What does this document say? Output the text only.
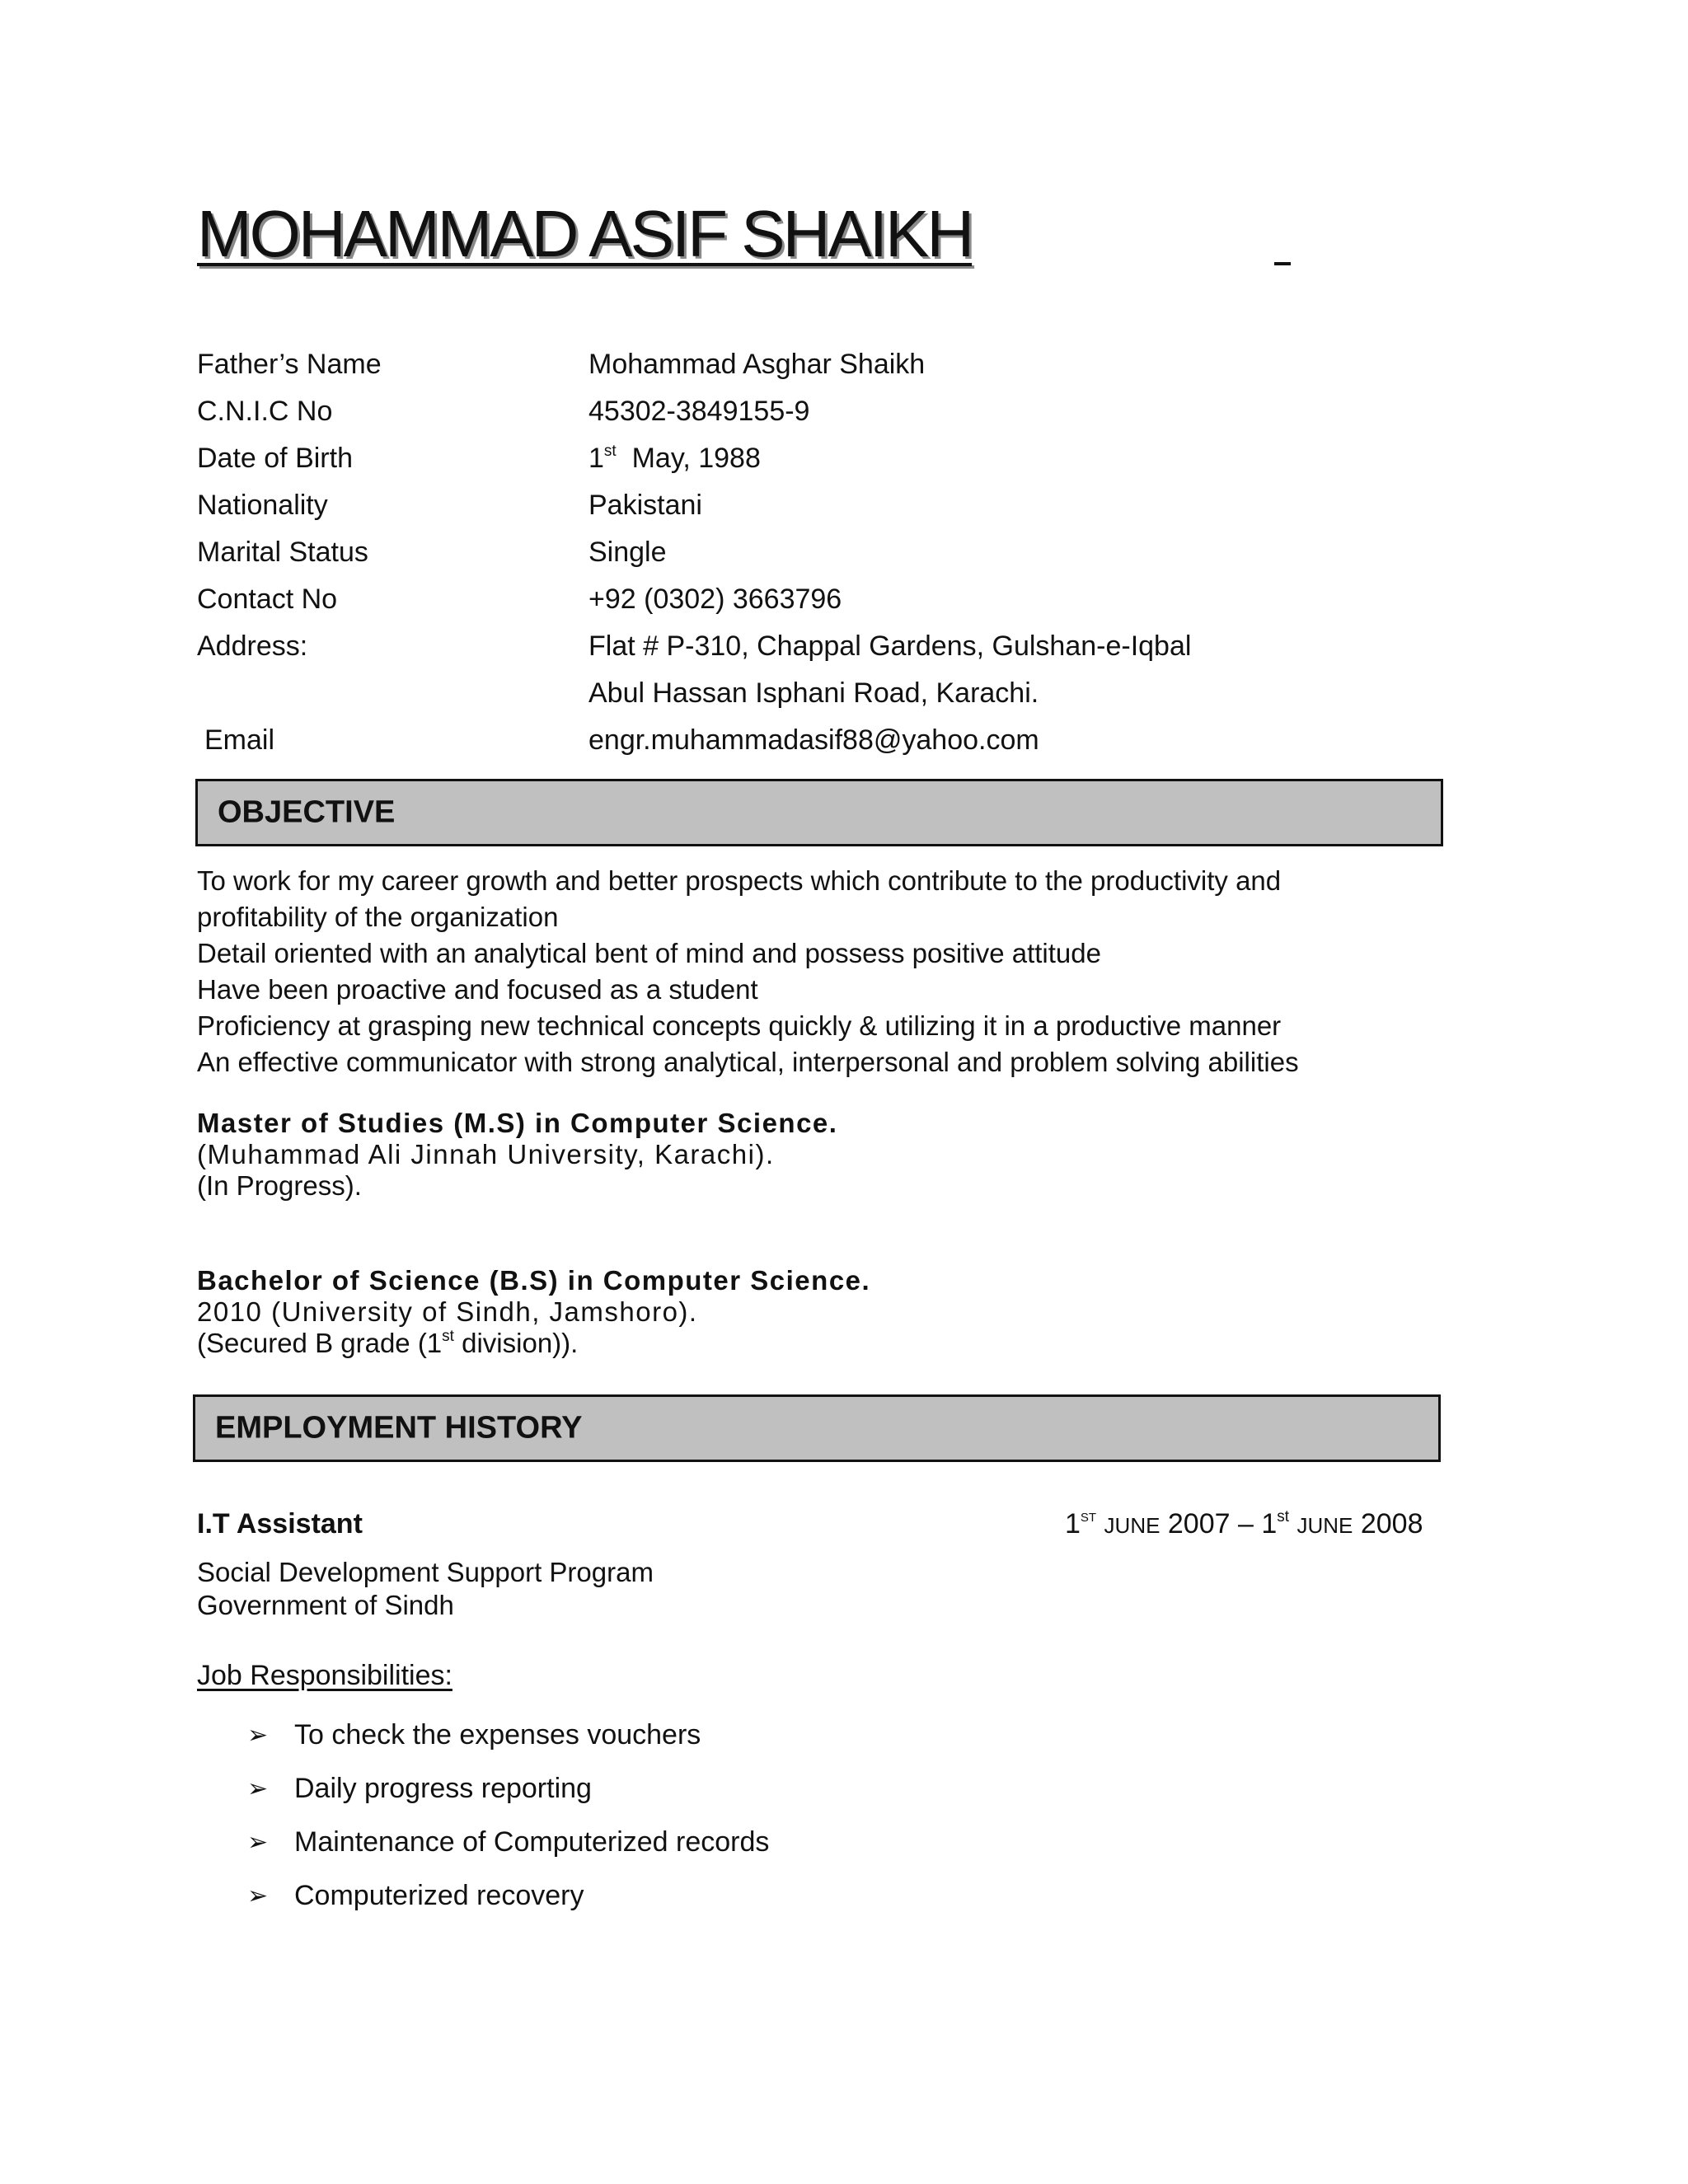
MOHAMMAD ASIF SHAIKH
Father’s Name	Mohammad Asghar Shaikh
C.N.I.C No	45302-3849155-9
Date of Birth	1st May, 1988
Nationality	Pakistani
Marital Status	Single
Contact No	+92 (0302) 3663796
Address:	Flat # P-310, Chappal Gardens, Gulshan-e-Iqbal
Abul Hassan Isphani Road, Karachi.
Email	engr.muhammadasif88@yahoo.com
OBJECTIVE
To work for my career growth and better prospects which contribute to the productivity and
profitability of the organization
Detail oriented with an analytical bent of mind and possess positive attitude
Have been proactive and focused as a student
Proficiency at grasping new technical concepts quickly & utilizing it in a productive manner
An effective communicator with strong analytical, interpersonal and problem solving abilities
Master of Studies (M.S) in Computer Science.
(Muhammad Ali Jinnah University, Karachi).
(In Progress).
Bachelor of Science (B.S) in Computer Science.
2010 (University of Sindh, Jamshoro).
(Secured B grade (1st division)).
EMPLOYMENT HISTORY
I.T Assistant	1ST JUNE 2007 – 1st JUNE 2008
Social Development Support Program
Government of Sindh
Job Responsibilities:
➢ To check the expenses vouchers
➢ Daily progress reporting
➢ Maintenance of Computerized records
➢ Computerized recovery
